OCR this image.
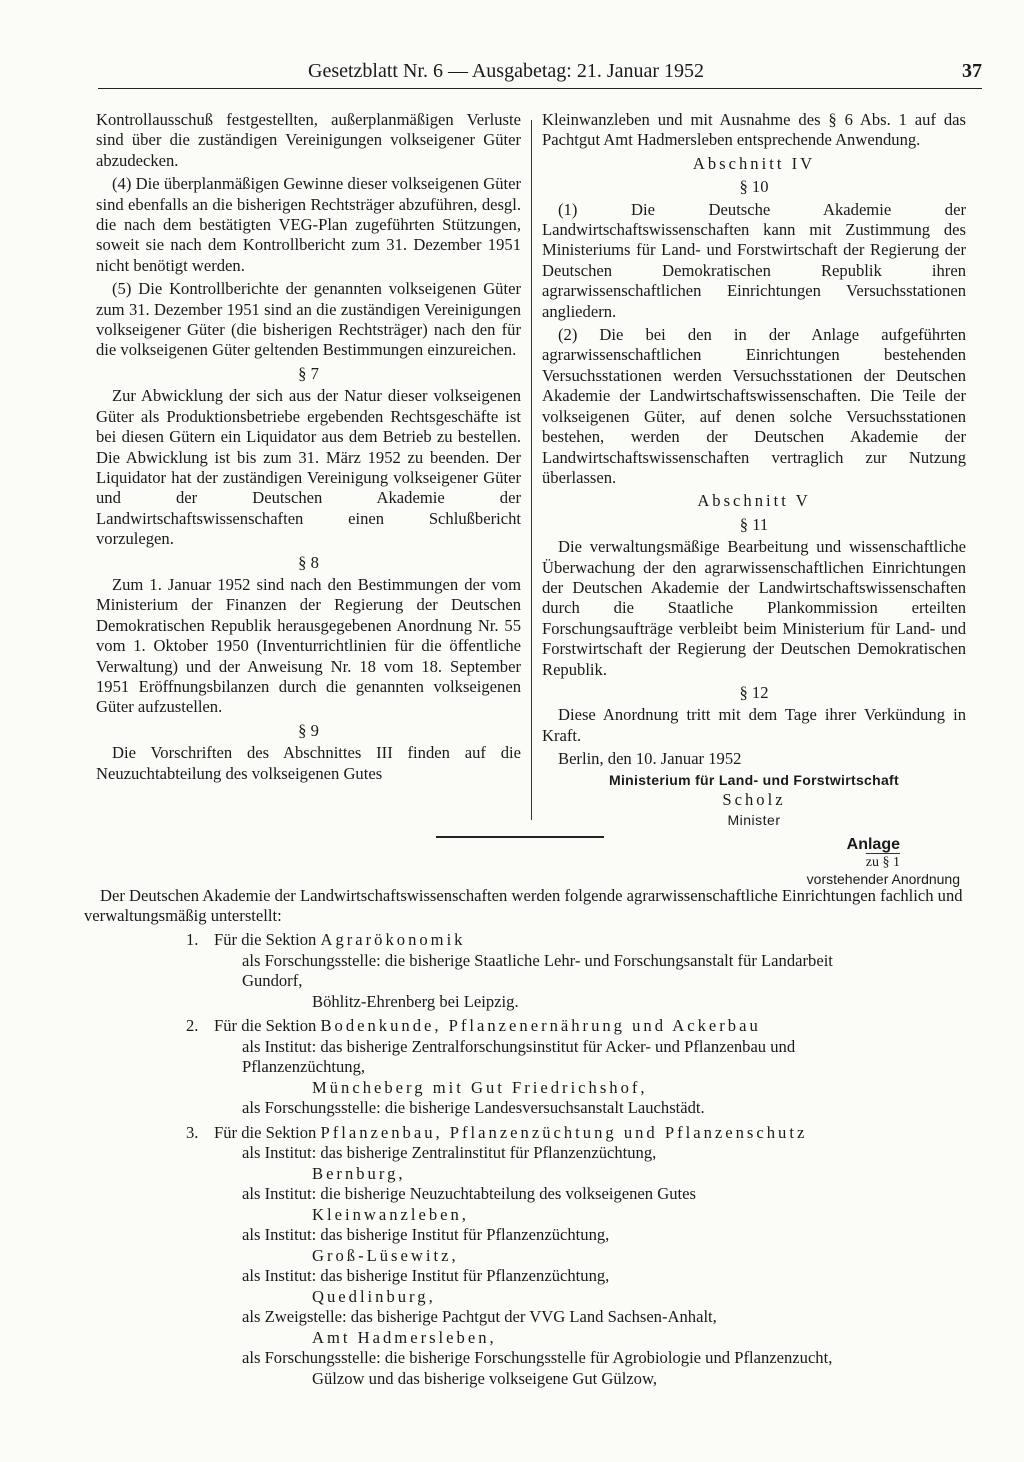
Gesetzblatt Nr. 6 — Ausgabetag: 21. Januar 1952	37

Kontrollausschuß festgestellten, außerplanmäßigen Verluste sind über die zuständigen Vereinigungen volkseigener Güter abzudecken.

(4) Die überplanmäßigen Gewinne dieser volkseigenen Güter sind ebenfalls an die bisherigen Rechtsträger abzuführen, desgl. die nach dem bestätigten VEG-Plan zugeführten Stützungen, soweit sie nach dem Kontrollbericht zum 31. Dezember 1951 nicht benötigt werden.

(5) Die Kontrollberichte der genannten volkseigenen Güter zum 31. Dezember 1951 sind an die zuständigen Vereinigungen volkseigener Güter (die bisherigen Rechtsträger) nach den für die volkseigenen Güter geltenden Bestimmungen einzureichen.

§ 7

Zur Abwicklung der sich aus der Natur dieser volkseigenen Güter als Produktionsbetriebe ergebenden Rechtsgeschäfte ist bei diesen Gütern ein Liquidator aus dem Betrieb zu bestellen. Die Abwicklung ist bis zum 31. März 1952 zu beenden. Der Liquidator hat der zuständigen Vereinigung volkseigener Güter und der Deutschen Akademie der Landwirtschaftswissenschaften einen Schlußbericht vorzulegen.

§ 8

Zum 1. Januar 1952 sind nach den Bestimmungen der vom Ministerium der Finanzen der Regierung der Deutschen Demokratischen Republik herausgegebenen Anordnung Nr. 55 vom 1. Oktober 1950 (Inventurrichtlinien für die öffentliche Verwaltung) und der Anweisung Nr. 18 vom 18. September 1951 Eröffnungsbilanzen durch die genannten volkseigenen Güter aufzustellen.

§ 9

Die Vorschriften des Abschnittes III finden auf die Neuzuchtabteilung des volkseigenen Gutes

Kleinwanzleben und mit Ausnahme des § 6 Abs. 1 auf das Pachtgut Amt Hadmersleben entsprechende Anwendung.

Abschnitt IV
§ 10

(1) Die Deutsche Akademie der Landwirtschaftswissenschaften kann mit Zustimmung des Ministeriums für Land- und Forstwirtschaft der Regierung der Deutschen Demokratischen Republik ihren agrarwissenschaftlichen Einrichtungen Versuchsstationen angliedern.

(2) Die bei den in der Anlage aufgeführten agrarwissenschaftlichen Einrichtungen bestehenden Versuchsstationen werden Versuchsstationen der Deutschen Akademie der Landwirtschaftswissenschaften. Die Teile der volkseigenen Güter, auf denen solche Versuchsstationen bestehen, werden der Deutschen Akademie der Landwirtschaftswissenschaften vertraglich zur Nutzung überlassen.

Abschnitt V
§ 11

Die verwaltungsmäßige Bearbeitung und wissenschaftliche Überwachung der den agrarwissenschaftlichen Einrichtungen der Deutschen Akademie der Landwirtschaftswissenschaften durch die Staatliche Plankommission erteilten Forschungsaufträge verbleibt beim Ministerium für Land- und Forstwirtschaft der Regierung der Deutschen Demokratischen Republik.

§ 12

Diese Anordnung tritt mit dem Tage ihrer Verkündung in Kraft.

Berlin, den 10. Januar 1952
Ministerium für Land- und Forstwirtschaft
Scholz
Minister
Anlage
zu § 1
vorstehender Anordnung

Der Deutschen Akademie der Landwirtschaftswissenschaften werden folgende agrarwissenschaftliche Einrichtungen fachlich und verwaltungsmäßig unterstellt:

1. Für die Sektion Agrarökonomik
als Forschungsstelle: die bisherige Staatliche Lehr- und Forschungsanstalt für Landarbeit Gundorf,
Böhlitz-Ehrenberg bei Leipzig.
2. Für die Sektion Bodenkunde, Pflanzenernährung und Ackerbau
als Institut: das bisherige Zentralforschungsinstitut für Acker- und Pflanzenbau und Pflanzenzüchtung,
Müncheberg mit Gut Friedrichshof,
als Forschungsstelle: die bisherige Landesversuchsanstalt Lauchstädt.
3. Für die Sektion Pflanzenbau, Pflanzenzüchtung und Pflanzenschutz
als Institut: das bisherige Zentralinstitut für Pflanzenzüchtung,
Bernburg,
als Institut: die bisherige Neuzuchtabteilung des volkseigenen Gutes
Kleinwanzleben,
als Institut: das bisherige Institut für Pflanzenzüchtung,
Groß-Lüsewitz,
als Institut: das bisherige Institut für Pflanzenzüchtung,
Quedlinburg,
als Zweigstelle: das bisherige Pachtgut der VVG Land Sachsen-Anhalt,
Amt Hadmersleben,
als Forschungsstelle: die bisherige Forschungsstelle für Agrobiologie und Pflanzenzucht,
Gülzow und das bisherige volkseigene Gut Gülzow,
